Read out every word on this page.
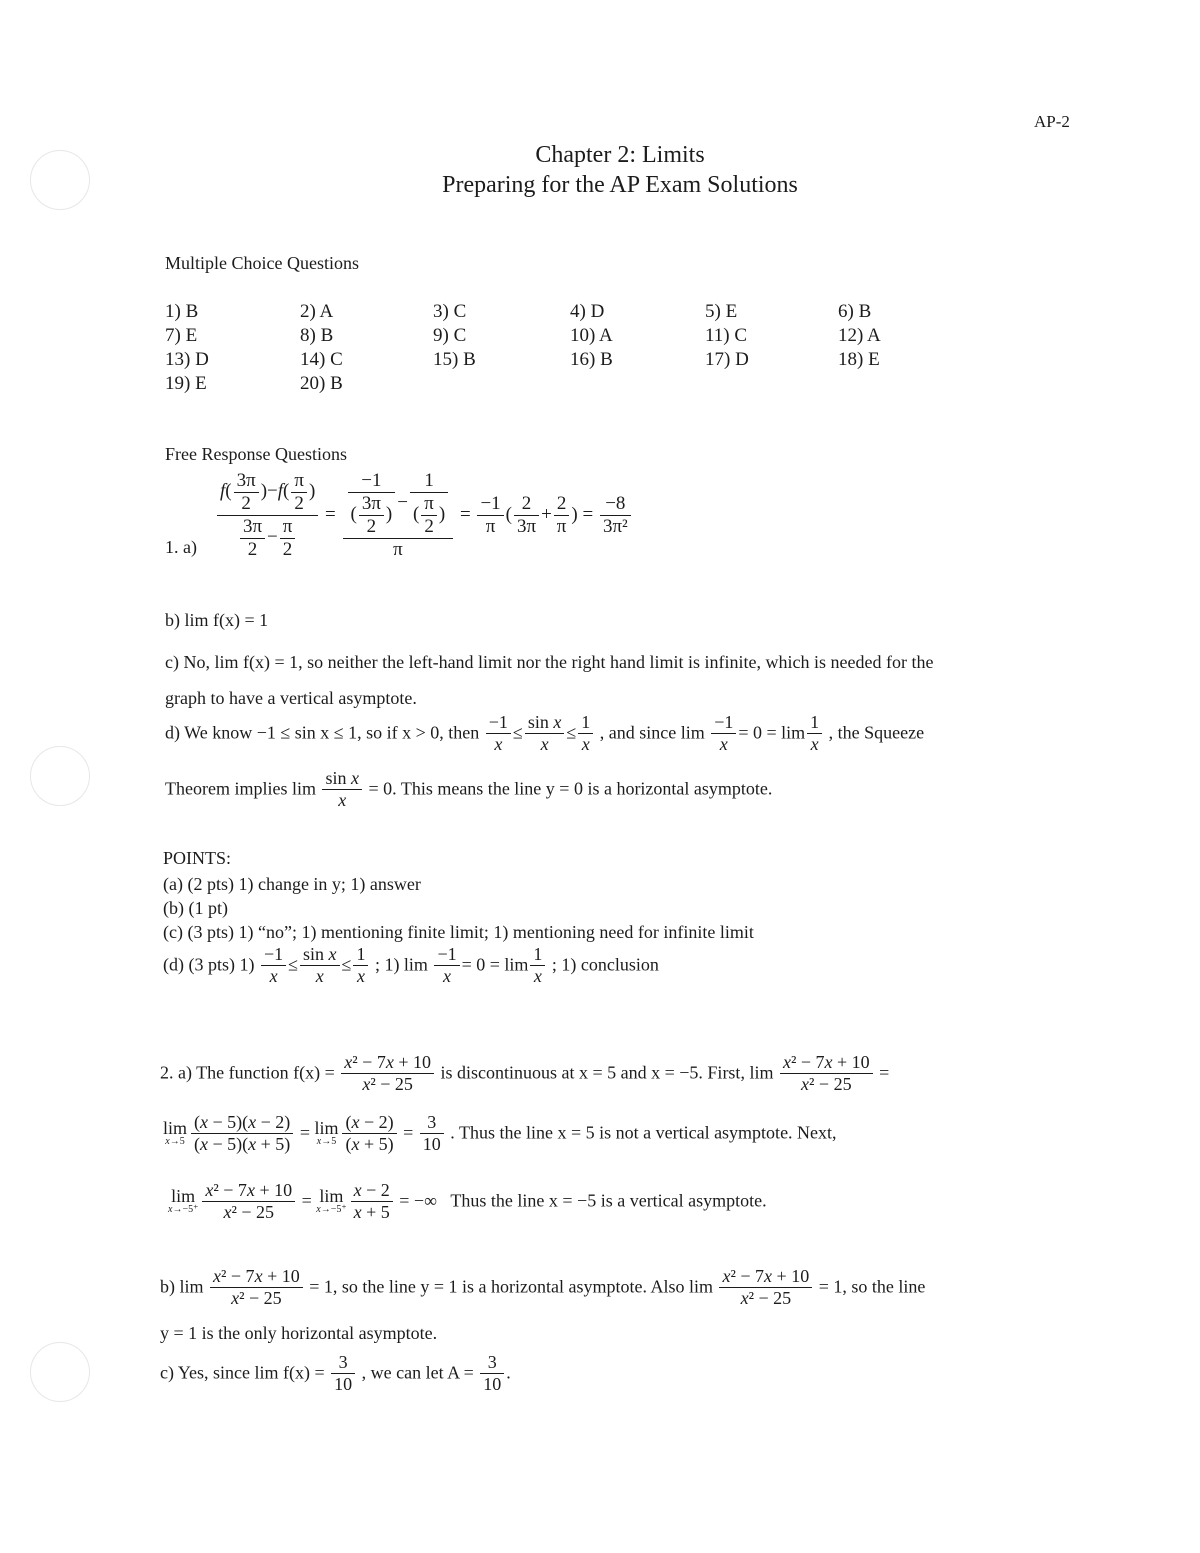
AP-2
Chapter 2: Limits
Preparing for the AP Exam Solutions
Multiple Choice Questions
1) B
7) E
13) D
19) E
2) A
8) B
14) C
20) B
3) C
9) C
15) B
4) D
10) A
16) B
5) E
11) C
17) D
6) B
12) A
18) E
Free Response Questions
1. $a) \frac{f( \frac{3\pi}{2} )-f( \frac{\pi}{2} )}{\frac{3\pi}{2} - \frac{\pi}{2}} = \frac{\frac{-1}{( \frac{3\pi}{2} )} - \frac{1}{( \frac{\pi}{2} )}}{\pi} = \frac{-1}{\pi}$ ( $\frac{2}{3\pi} + \frac{2}{\pi}$ ) = $\frac{-8}{\text{3π²}}$
b) lim f(x) = 1
c) No, lim f(x) = 1, so neither the left-hand limit nor the right hand limit is infinite, which is needed for the
graph to have a vertical asymptote.
d) We know −1 ≤ sin x ≤ 1, so if x > 0, then $\frac{-1}{x} \le \frac{\text{sin x}}{x} \le \frac{1}{x}$ , and since $\lim \frac{-1}{x} = 0 = \lim \frac{1}{x}$ , the Squeeze
Theorem implies $\lim \frac{\text{sin x}}{x} = 0$. This means the line y = 0 is a horizontal asymptote.
POINTS:
(a) (2 pts) 1) change in y; 1) answer
(b) (1 pt)
(c) (3 pts) 1) “no”; 1) mentioning finite limit; 1) mentioning need for infinite limit
(d) (3 pts) $1) \frac{-1}{x} \le \frac{\text{sin x}}{x} \le \frac{1}{x}$ ; 1) $\lim \frac{-1}{x} = 0 = \lim \frac{1}{x}$ ; 1) conclusion
2. a) The function $f(x) = \frac{\text{x² − 7x + 10}}{\text{x² − 25}}$ is discontinuous at x = 5 and x = −5. First, $\lim \frac{\text{x² − 7x + 10}}{\text{x² − 25}}$ =
lim
$x\to 5 \frac{(x - 5)(x - 2)}{(x - 5)(x + 5)} = \lim$
$x\to 5 \frac{(x - 2)}{(x + 5)} = \frac{3}{10}$ . Thus the line x = 5 is not a vertical asymptote. Next,
lim
$x\to-5^+ \frac{\text{x² − 7x + 10}}{\text{x² − 25}} = \lim$
$x\to-5^+ \frac{x - 2}{x + 5}$ = −∞   Thus the line x = −5 is a vertical asymptote.
b) $\lim \frac{\text{x² − 7x + 10}}{\text{x² − 25}} = 1$, so the line y = 1 is a horizontal asymptote. Also $\lim \frac{\text{x² − 7x + 10}}{\text{x² − 25}} = 1$, so the line
y = 1 is the only horizontal asymptote.
c) Yes, since $\lim f(x) = \frac{3}{10}$ , we can let $A = \frac{3}{10}$ .
